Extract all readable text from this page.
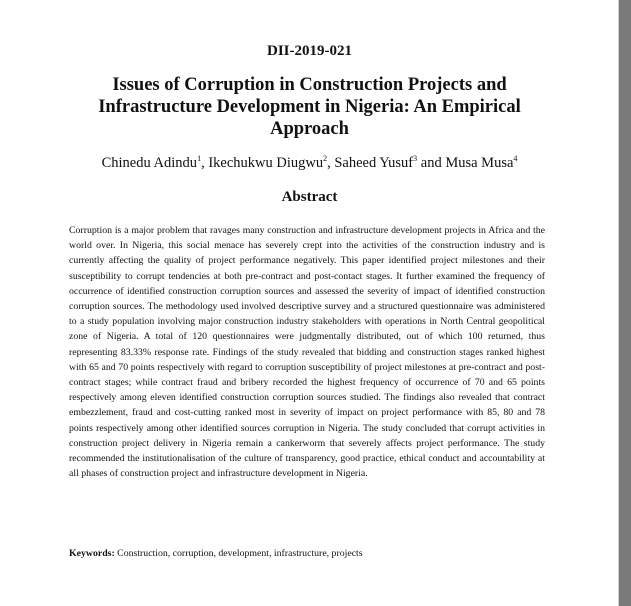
DII-2019-021
Issues of Corruption in Construction Projects and Infrastructure Development in Nigeria: An Empirical Approach
Chinedu Adindu$^1$, Ikechukwu Diugwu$^2$, Saheed Yusuf$^3$ and Musa Musa$^4$
Abstract
Corruption is a major problem that ravages many construction and infrastructure development projects in Africa and the world over. In Nigeria, this social menace has severely crept into the activities of the construction industry and is currently affecting the quality of project performance negatively. This paper identified project milestones and their susceptibility to corrupt tendencies at both pre-contract and post-contact stages. It further examined the frequency of occurrence of identified construction corruption sources and assessed the severity of impact of identified construction corruption sources. The methodology used involved descriptive survey and a structured questionnaire was administered to a study population involving major construction industry stakeholders with operations in North Central geopolitical zone of Nigeria. A total of 120 questionnaires were judgmentally distributed, out of which 100 returned, thus representing 83.33% response rate. Findings of the study revealed that bidding and construction stages ranked highest with 65 and 70 points respectively with regard to corruption susceptibility of project milestones at pre-contract and post-contract stages; while contract fraud and bribery recorded the highest frequency of occurrence of 70 and 65 points respectively among eleven identified construction corruption sources studied. The findings also revealed that contract embezzlement, fraud and cost-cutting ranked most in severity of impact on project performance with 85, 80 and 78 points respectively among other identified sources corruption in Nigeria. The study concluded that corrupt activities in construction project delivery in Nigeria remain a cankerworm that severely affects project performance. The study recommended the institutionalisation of the culture of transparency, good practice, ethical conduct and accountability at all phases of construction project and infrastructure development in Nigeria.
Keywords: Construction, corruption, development, infrastructure, projects
